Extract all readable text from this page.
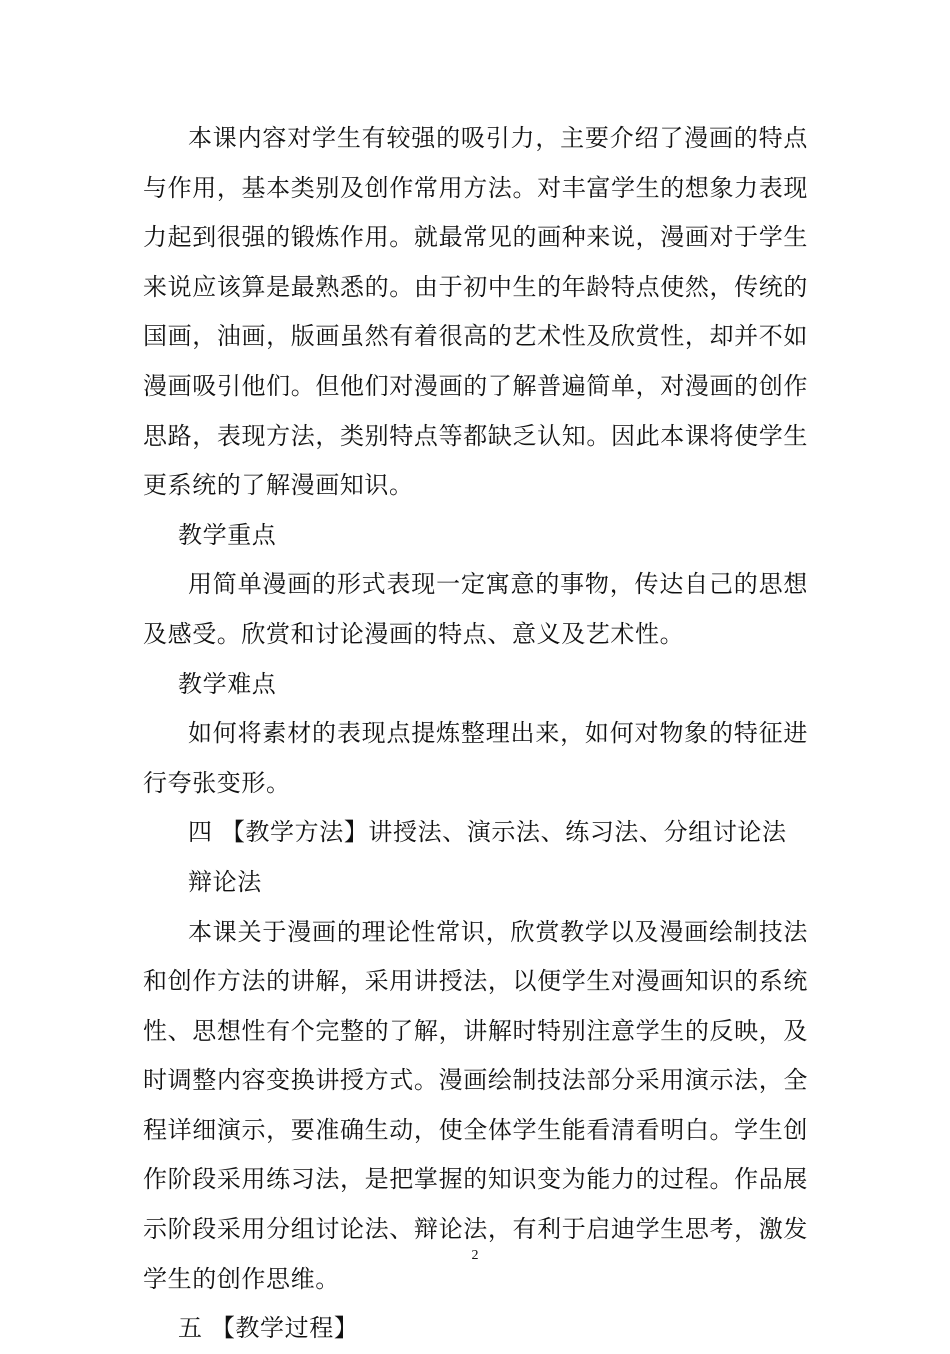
本课内容对学生有较强的吸引力，主要介绍了漫画的特点与作用，基本类别及创作常用方法。对丰富学生的想象力表现力起到很强的锻炼作用。就最常见的画种来说，漫画对于学生来说应该算是最熟悉的。由于初中生的年龄特点使然，传统的国画，油画，版画虽然有着很高的艺术性及欣赏性，却并不如漫画吸引他们。但他们对漫画的了解普遍简单，对漫画的创作思路，表现方法，类别特点等都缺乏认知。因此本课将使学生更系统的了解漫画知识。

教学重点

用简单漫画的形式表现一定寓意的事物，传达自己的思想及感受。欣赏和讨论漫画的特点、意义及艺术性。

教学难点

如何将素材的表现点提炼整理出来，如何对物象的特征进行夸张变形。

四 【教学方法】讲授法、演示法、练习法、分组讨论法 辩论法

本课关于漫画的理论性常识，欣赏教学以及漫画绘制技法和创作方法的讲解，采用讲授法，以便学生对漫画知识的系统性、思想性有个完整的了解，讲解时特别注意学生的反映，及时调整内容变换讲授方式。漫画绘制技法部分采用演示法，全程详细演示，要准确生动，使全体学生能看清看明白。学生创作阶段采用练习法，是把掌握的知识变为能力的过程。作品展示阶段采用分组讨论法、辩论法，有利于启迪学生思考，激发学生的创作思维。

五 【教学过程】

2
